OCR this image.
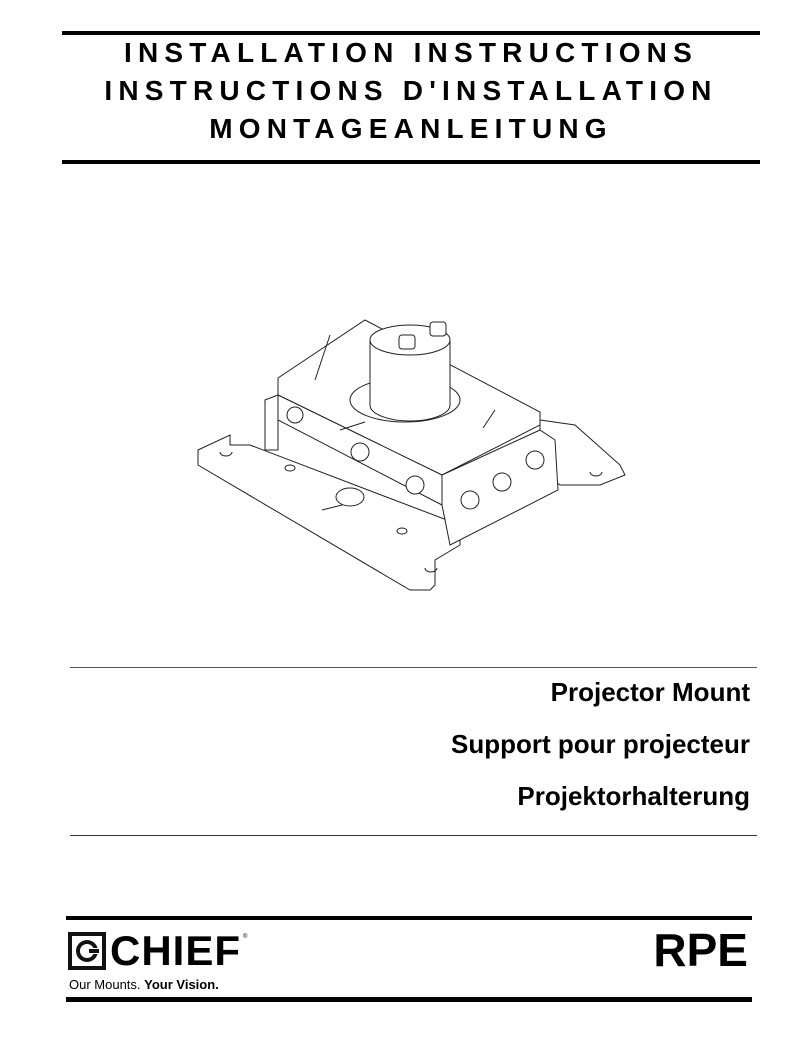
INSTALLATION INSTRUCTIONS
INSTRUCTIONS D'INSTALLATION
MONTAGEANLEITUNG
Projector Mount
Support pour projecteur
Projektorhalterung
CHIEF ®
Our Mounts. Your Vision.
RPE
